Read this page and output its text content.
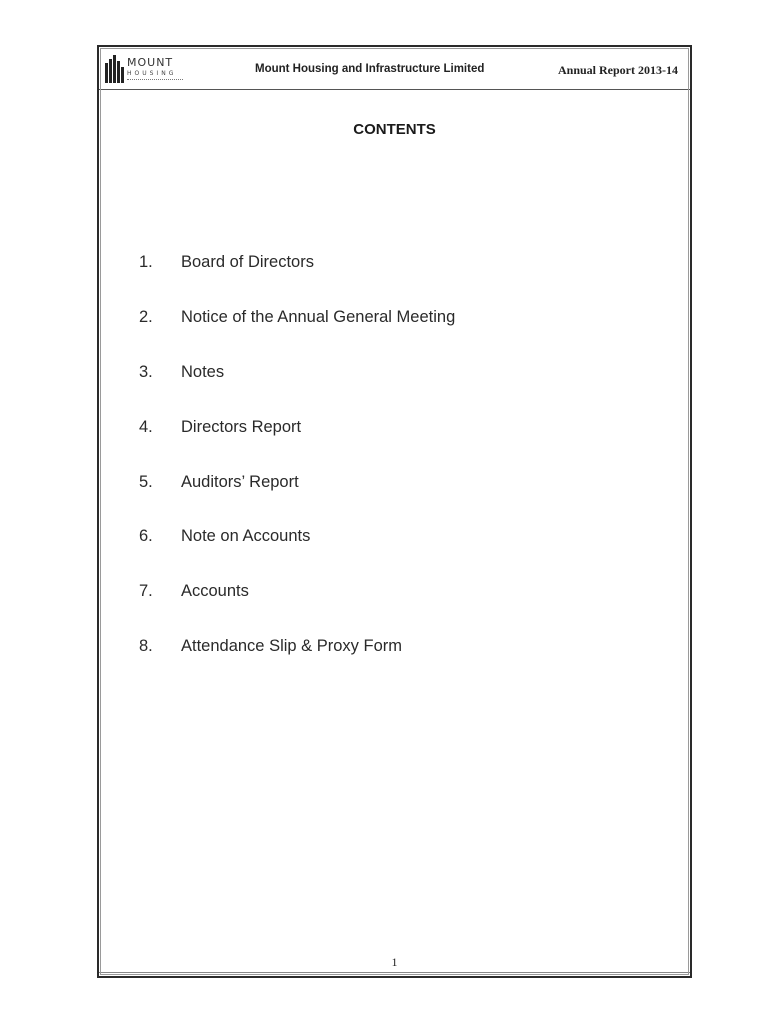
MOUNT
HOUSING	Mount Housing and Infrastructure Limited	Annual Report 2013-14
CONTENTS
1. Board of Directors
2. Notice of the Annual General Meeting
3. Notes
4. Directors Report
5. Auditors’ Report
6. Note on Accounts
7. Accounts
8. Attendance Slip & Proxy Form
1
